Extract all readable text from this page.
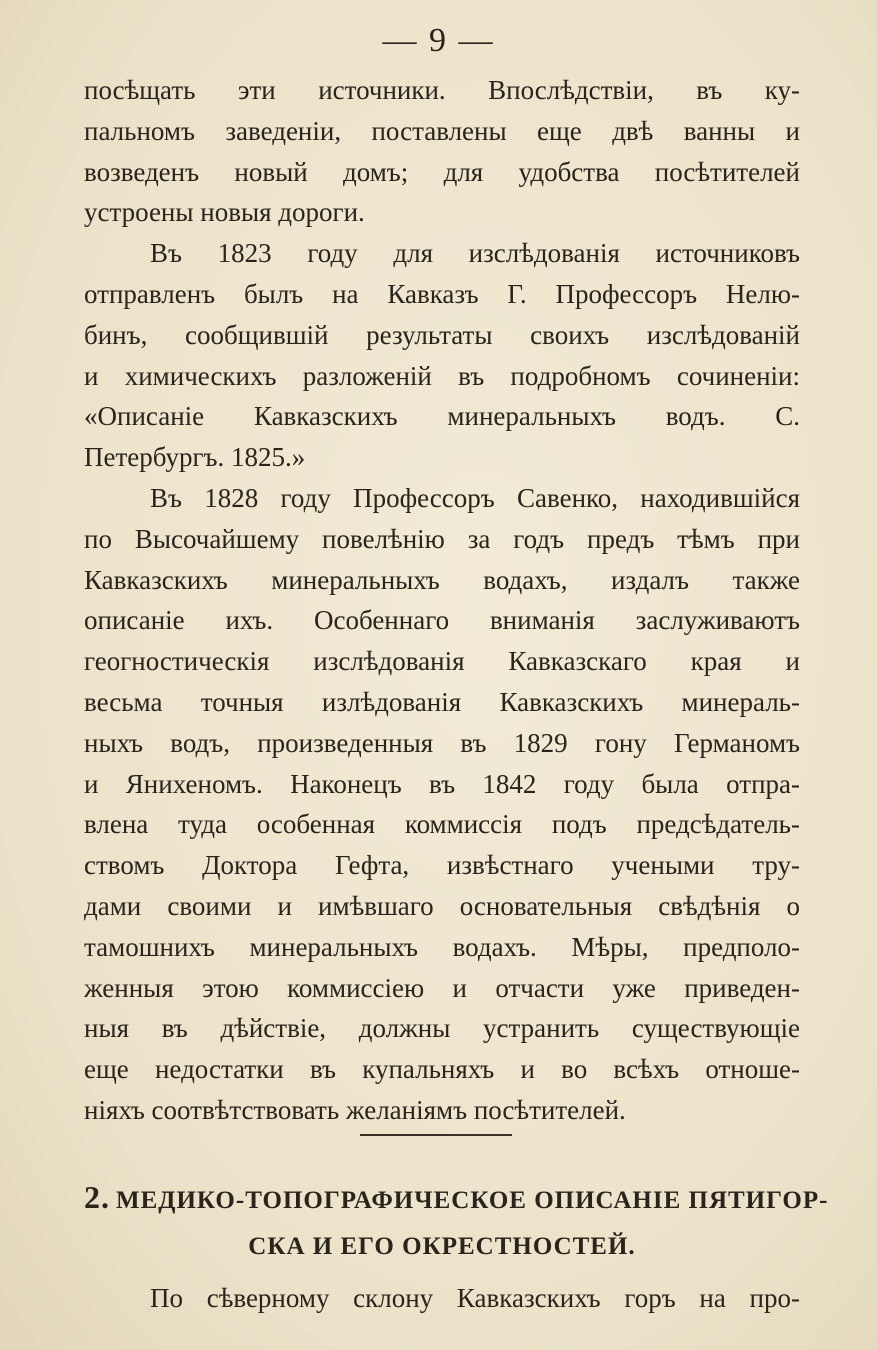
— 9 —
посѣщать эти источники. Впослѣдствіи, въ ку-
пальномъ заведеніи, поставлены еще двѣ ванны и
возведенъ новый домъ; для удобства посѣтителей
устроены новыя дороги.
Въ 1823 году для изслѣдованія источниковъ
отправленъ былъ на Кавказъ Г. Профессоръ Нелю-
бинъ, сообщившій результаты своихъ изслѣдованій
и химическихъ разложеній въ подробномъ сочиненіи:
«Описаніе Кавказскихъ минеральныхъ водъ. С.
Петербургъ. 1825.»
Въ 1828 году Профессоръ Савенко, находившійся
по Высочайшему повелѣнію за годъ предъ тѣмъ при
Кавказскихъ минеральныхъ водахъ, издалъ также
описаніе ихъ. Особеннаго вниманія заслуживаютъ
геогностическія изслѣдованія Кавказскаго края и
весьма точныя излѣдованія Кавказскихъ минераль-
ныхъ водъ, произведенныя въ 1829 гону Германомъ
и Янихеномъ. Наконецъ въ 1842 году была отпра-
влена туда особенная коммиссія подъ предсѣдатель-
ствомъ Доктора Гефта, извѣстнаго учеными тру-
дами своими и имѣвшаго основательныя свѣдѣнія о
тамошнихъ минеральныхъ водахъ. Мѣры, предполо-
женныя этою коммиссіею и отчасти уже приведен-
ныя въ дѣйствіе, должны устранить существующіе
еще недостатки въ купальняхъ и во всѣхъ отноше-
ніяхъ соотвѣтствовать желаніямъ посѣтителей.
2. МЕДИКО-ТОПОГРАФИЧЕСКОЕ ОПИСАНІЕ ПЯТИГОР-
СКА И ЕГО ОКРЕСТНОСТЕЙ.
По сѣверному склону Кавказскихъ горъ на про-
